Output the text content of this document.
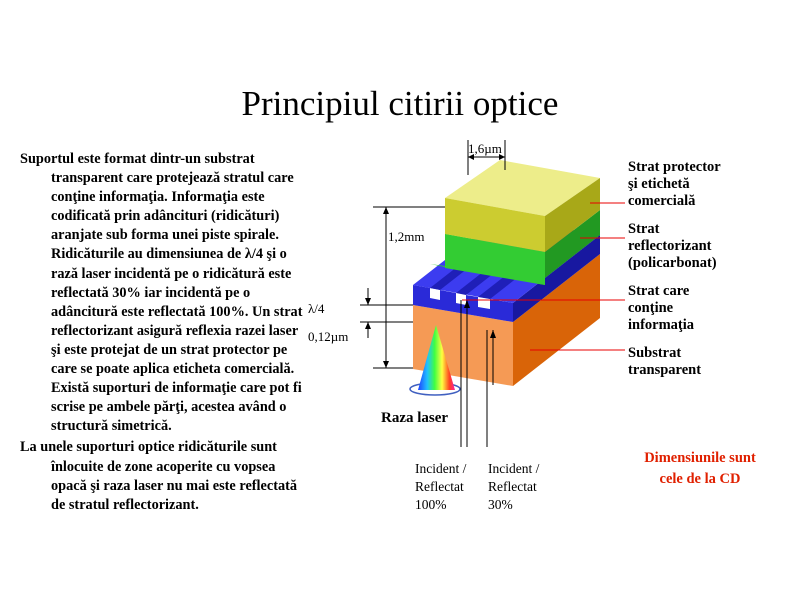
Principiul citirii optice

Suportul este format dintr-un substrat transparent care protejează stratul care conţine informaţia. Informaţia este codificată prin adâncituri (ridicături) aranjate sub forma unei piste spirale. Ridicăturile au dimensiunea de λ/4 şi o rază laser incidentă pe o ridicătură este reflectată 30% iar incidentă pe o adâncitură este reflectată 100%. Un strat reflectorizant asigură reflexia razei laser şi este protejat de un strat protector pe care se poate aplica eticheta comercială. Există suporturi de informaţie care pot fi scrise pe ambele părţi, acestea având o structură simetrică.

La unele suporturi optice ridicăturile sunt înlocuite de zone acoperite cu vopsea opacă şi raza laser nu mai este reflectată de stratul reflectorizant.

1,6µm
1,2mm
λ/4
0,12µm
Raza laser
Strat protector
şi etichetă
comercială
Strat
reflectorizant
(policarbonat)
Strat care
conţine
informaţia
Substrat
transparent
Incident /
Reflectat
100%
Incident /
Reflectat
30%
Dimensiunile sunt
cele de la CD
